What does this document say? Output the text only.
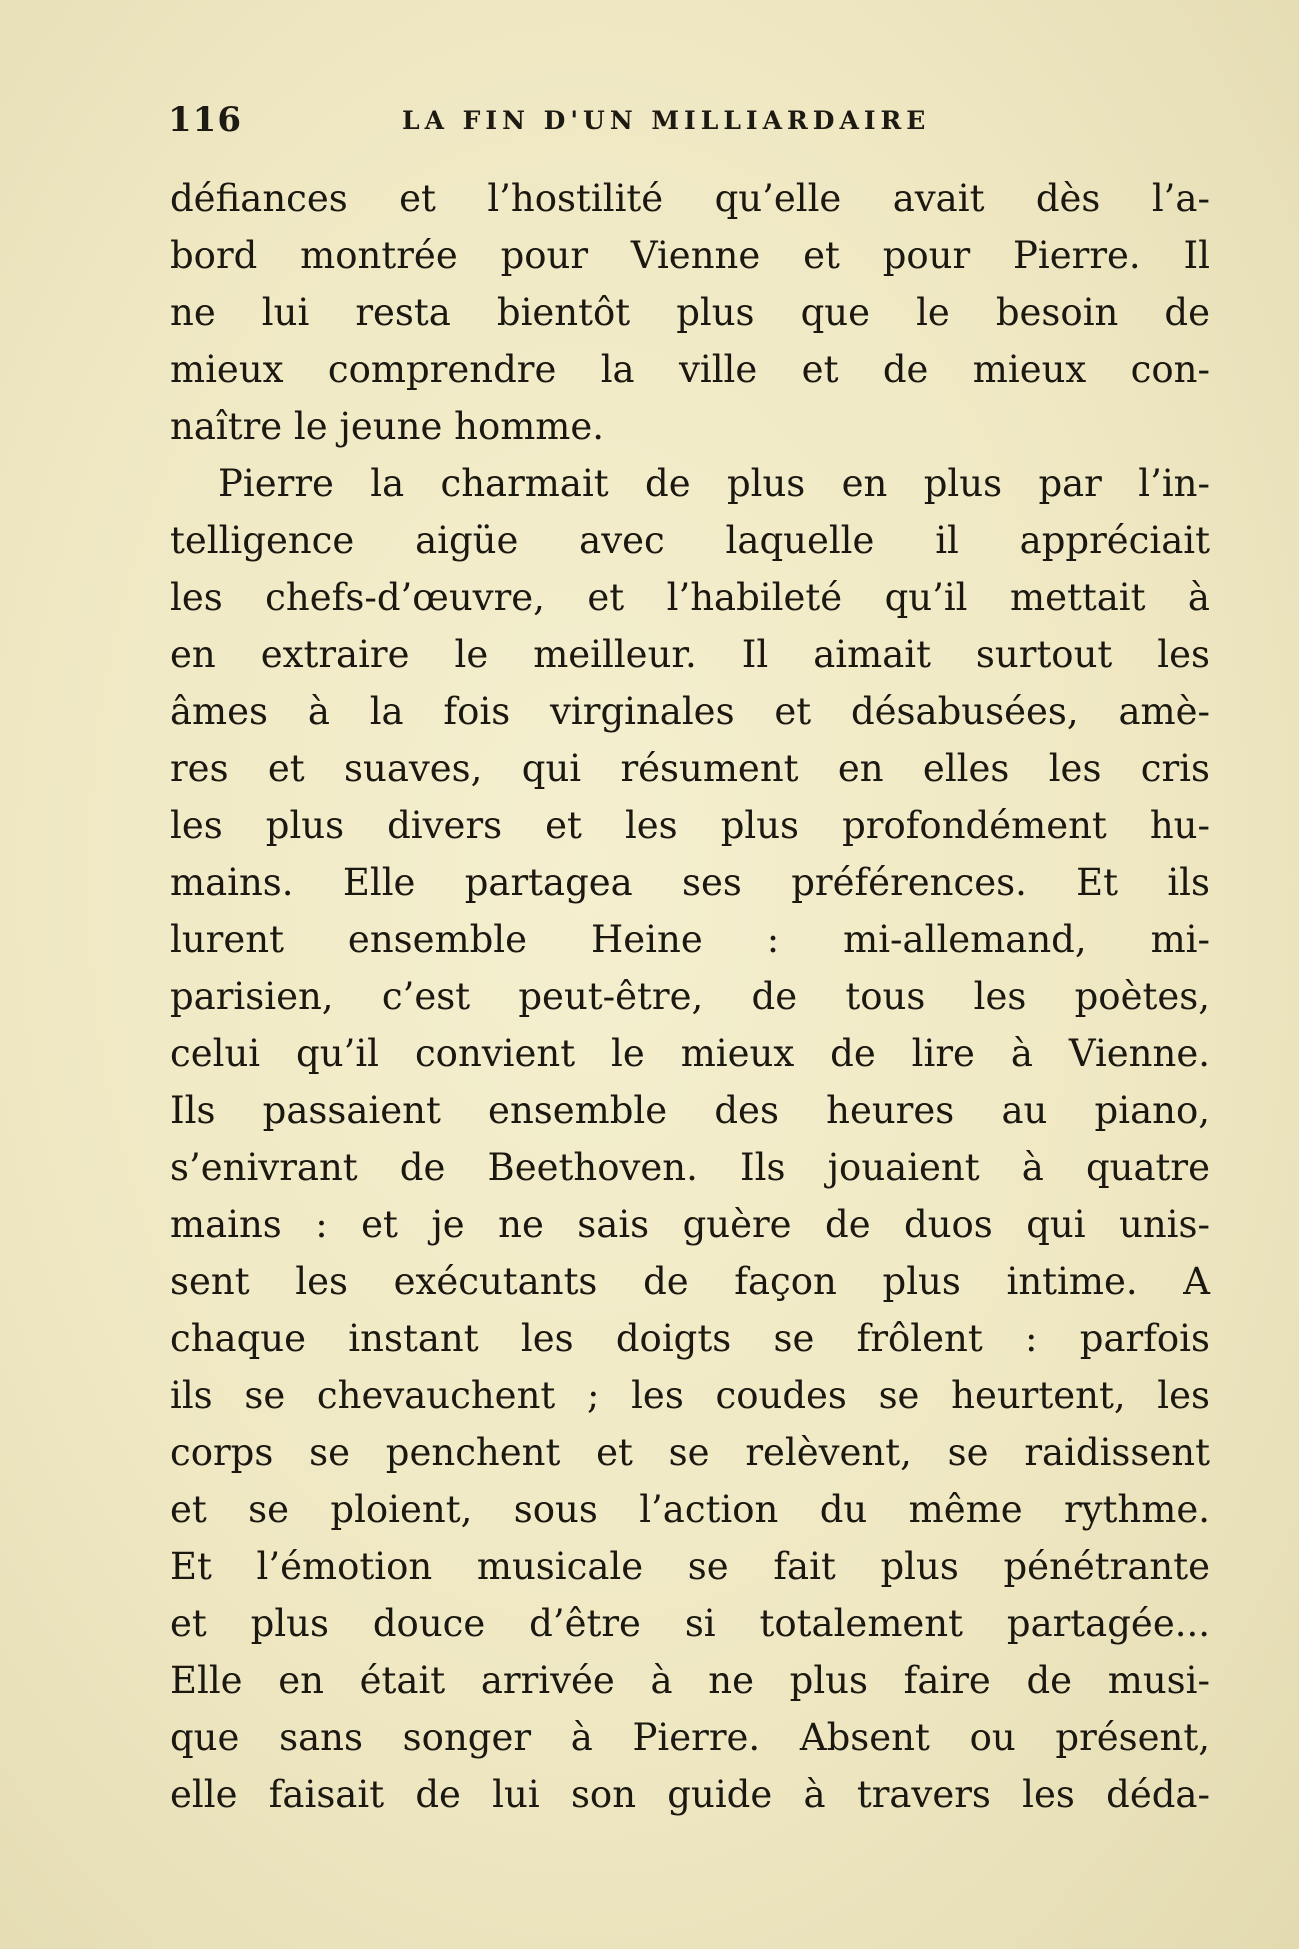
116	LA FIN D'UN MILLIARDAIRE
défiances et l’hostilité qu’elle avait dès l’a-
bord montrée pour Vienne et pour Pierre. Il
ne lui resta bientôt plus que le besoin de
mieux comprendre la ville et de mieux con-
naître le jeune homme.
Pierre la charmait de plus en plus par l’in-
telligence aigüe avec laquelle il appréciait
les chefs-d’œuvre, et l’habileté qu’il mettait à
en extraire le meilleur. Il aimait surtout les
âmes à la fois virginales et désabusées, amè-
res et suaves, qui résument en elles les cris
les plus divers et les plus profondément hu-
mains. Elle partagea ses préférences. Et ils
lurent ensemble Heine : mi-allemand, mi-
parisien, c’est peut-être, de tous les poètes,
celui qu’il convient le mieux de lire à Vienne.
Ils passaient ensemble des heures au piano,
s’enivrant de Beethoven. Ils jouaient à quatre
mains : et je ne sais guère de duos qui unis-
sent les exécutants de façon plus intime. A
chaque instant les doigts se frôlent : parfois
ils se chevauchent ; les coudes se heurtent, les
corps se penchent et se relèvent, se raidissent
et se ploient, sous l’action du même rythme.
Et l’émotion musicale se fait plus pénétrante
et plus douce d’être si totalement partagée...
Elle en était arrivée à ne plus faire de musi-
que sans songer à Pierre. Absent ou présent,
elle faisait de lui son guide à travers les déda-
